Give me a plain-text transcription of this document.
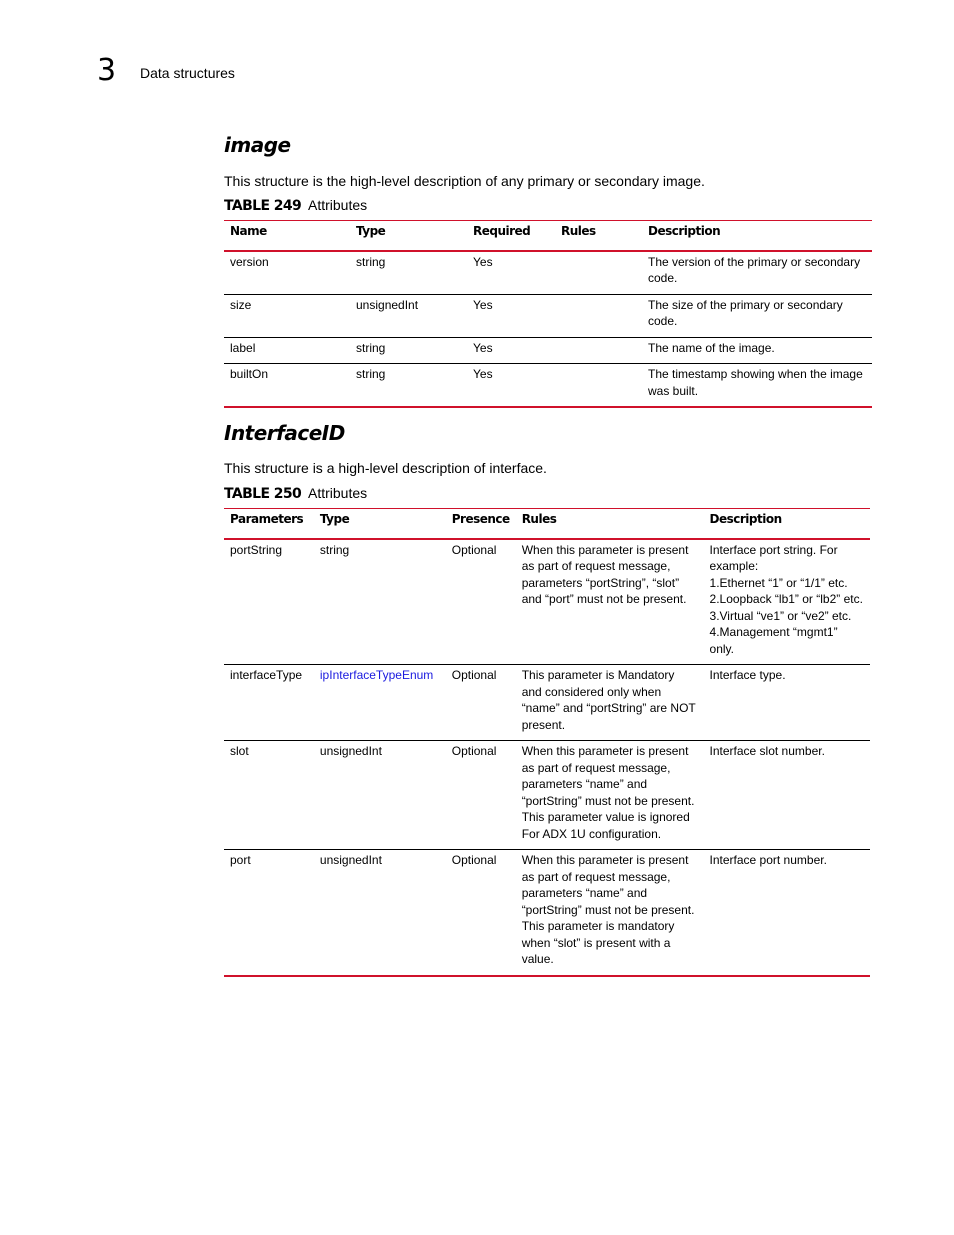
3 Data structures
image
This structure is the high-level description of any primary or secondary image.
TABLE 249 Attributes
Name	Type	Required	Rules	Description
version	string	Yes		The version of the primary or secondary code.
size	unsignedInt	Yes		The size of the primary or secondary code.
label	string	Yes		The name of the image.
builtOn	string	Yes		The timestamp showing when the image was built.
InterfaceID
This structure is a high-level description of interface.
TABLE 250 Attributes
Parameters	Type	Presence	Rules	Description
portString	string	Optional	When this parameter is present as part of request message, parameters “portString”, “slot” and “port” must not be present.	Interface port string. For example:
1.Ethernet “1” or “1/1” etc.
2.Loopback “lb1” or “lb2” etc.
3.Virtual “ve1” or “ve2” etc.
4.Management “mgmt1” only.

interfaceType	ipInterfaceTypeEnum	Optional	This parameter is Mandatory and considered only when “name” and “portString” are NOT present.	Interface type.

slot	unsignedInt	Optional	When this parameter is present as part of request message, parameters “name” and “portString” must not be present.
This parameter value is ignored For ADX 1U configuration.	Interface slot number.

port	unsignedInt	Optional	When this parameter is present as part of request message, parameters “name” and “portString” must not be present.
This parameter is mandatory when “slot” is present with a value.	Interface port number.
